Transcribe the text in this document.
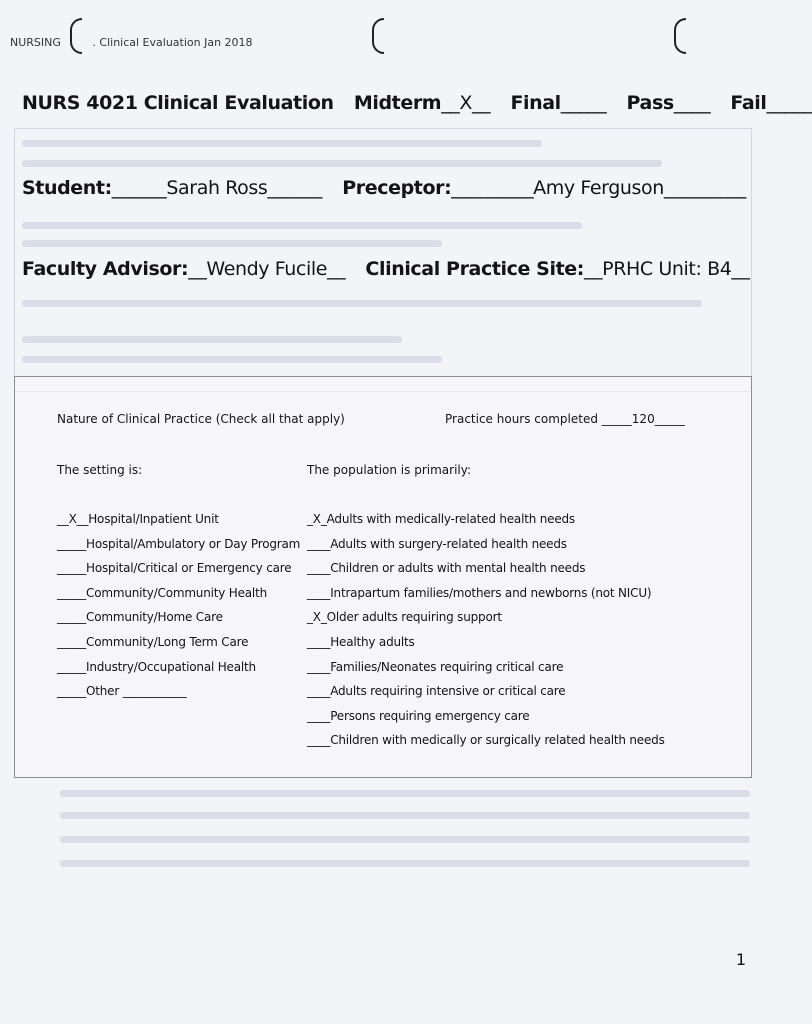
NURSING	. Clinical Evaluation Jan 2018
NURS 4021 Clinical Evaluation Midterm__X__ Final_____ Pass____ Fail_____
Student:______Sarah Ross______ Preceptor:_________Amy Ferguson_________
Faculty Advisor:__Wendy Fucile__ Clinical Practice Site:__PRHC Unit: B4__
Nature of Clinical Practice (Check all that apply)	Practice hours completed _____120_____
The setting is:	The population is primarily:
__X__Hospital/Inpatient Unit
_____Hospital/Ambulatory or Day Program
_____Hospital/Critical or Emergency care
_____Community/Community Health
_____Community/Home Care
_____Community/Long Term Care
_____Industry/Occupational Health
_____Other ___________
_X_Adults with medically-related health needs
____Adults with surgery-related health needs
____Children or adults with mental health needs
____Intrapartum families/mothers and newborns (not NICU)
_X_Older adults requiring support
____Healthy adults
____Families/Neonates requiring critical care
____Adults requiring intensive or critical care
____Persons requiring emergency care
____Children with medically or surgically related health needs
1
